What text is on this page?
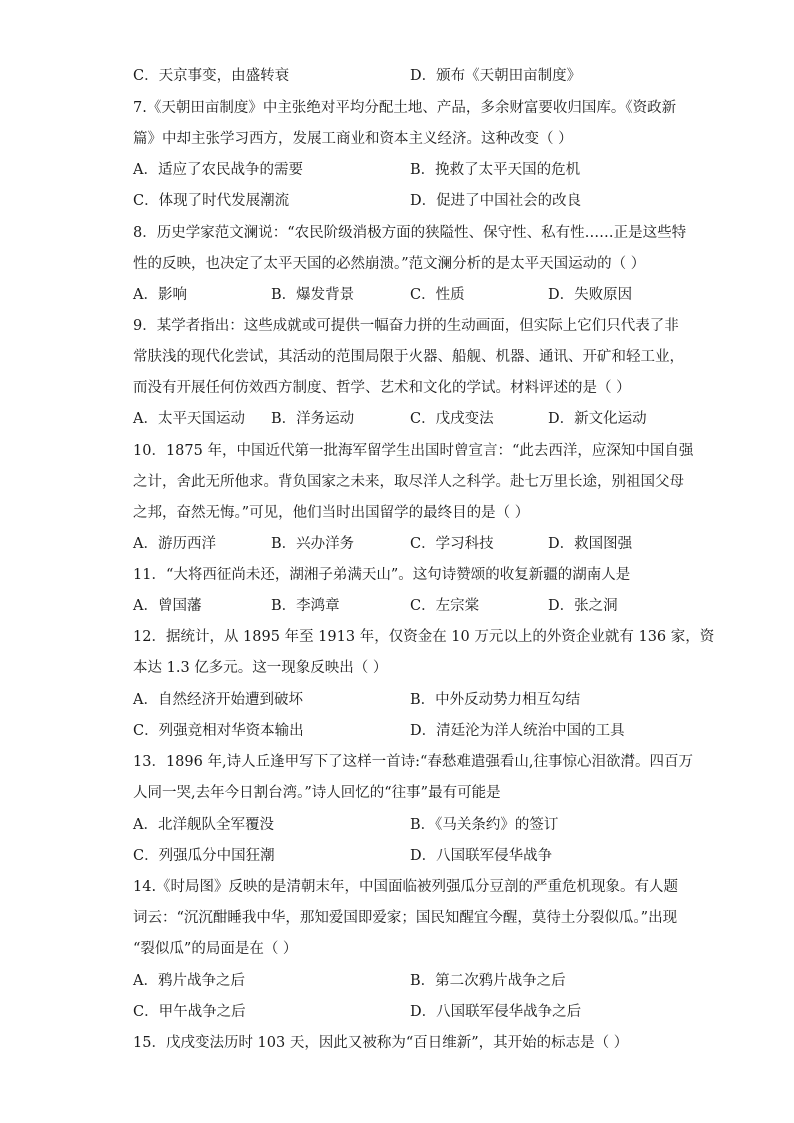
C．天京事变，由盛转衰	D．颁布《天朝田亩制度》
7.《天朝田亩制度》中主张绝对平均分配土地、产品，多余财富要收归国库。《资政新
篇》中却主张学习西方，发展工商业和资本主义经济。这种改变（ ）
A．适应了农民战争的需要	B．挽救了太平天国的危机
C．体现了时代发展潮流	D．促进了中国社会的改良
8．历史学家范文澜说：“农民阶级消极方面的狭隘性、保守性、私有性……正是这些特
性的反映，也决定了太平天国的必然崩溃。”范文澜分析的是太平天国运动的（ ）
A．影响	B．爆发背景	C．性质	D．失败原因
9．某学者指出：这些成就或可提供一幅奋力拼的生动画面，但实际上它们只代表了非
常肤浅的现代化尝试，其活动的范围局限于火器、船舰、机器、通讯、开矿和轻工业，
而没有开展任何仿效西方制度、哲学、艺术和文化的学试。材料评述的是（ ）
A．太平天国运动 B．洋务运动	C．戊戌变法	D．新文化运动
10．1875 年，中国近代第一批海军留学生出国时曾宣言：“此去西洋，应深知中国自强
之计，舍此无所他求。背负国家之未来，取尽洋人之科学。赴七万里长途，别祖国父母
之邦，奋然无悔。”可见，他们当时出国留学的最终目的是（ ）
A．游历西洋	B．兴办洋务	C．学习科技	D．救国图强
11．“大将西征尚未还，湖湘子弟满天山”。这句诗赞颂的收复新疆的湖南人是
A．曾国藩	B．李鸿章	C．左宗棠	D．张之洞
12．据统计，从 1895 年至 1913 年，仅资金在 10 万元以上的外资企业就有 136 家，资
本达 1.3 亿多元。这一现象反映出（ ）
A．自然经济开始遭到破坏	B．中外反动势力相互勾结
C．列强竞相对华资本输出	D．清廷沦为洋人统治中国的工具
13．1896 年,诗人丘逢甲写下了这样一首诗:“春愁难遣强看山,往事惊心泪欲潸。四百万
人同一哭,去年今日割台湾。”诗人回忆的“往事”最有可能是
A．北洋舰队全军覆没	B．《马关条约》的签订
C．列强瓜分中国狂潮	D．八国联军侵华战争
14.《时局图》反映的是清朝末年，中国面临被列强瓜分豆剖的严重危机现象。有人题
词云：“沉沉酣睡我中华，那知爱国即爱家；国民知醒宜今醒，莫待土分裂似瓜。”出现
“裂似瓜”的局面是在（ ）
A．鸦片战争之后	B．第二次鸦片战争之后
C．甲午战争之后	D．八国联军侵华战争之后
15．戊戌变法历时 103 天，因此又被称为“百日维新”，其开始的标志是（ ）
